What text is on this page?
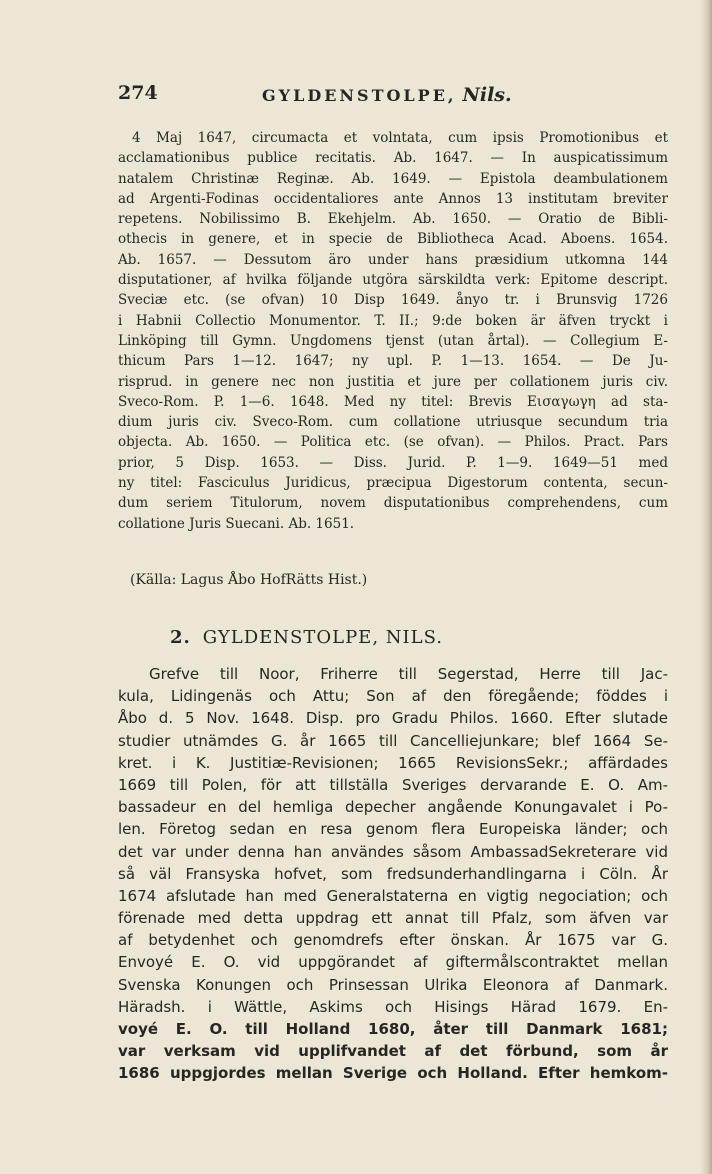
274	GYLDENSTOLPE, Nils.
4 Maj 1647, circumacta et volntata, cum ipsis Promotionibus et
acclamationibus publice recitatis. Ab. 1647. — In auspicatissimum
natalem Christinæ Reginæ. Ab. 1649. — Epistola deambulationem
ad Argenti-Fodinas occidentaliores ante Annos 13 institutam breviter
repetens. Nobilissimo B. Ekehjelm. Ab. 1650. — Oratio de Bibli-
othecis in genere, et in specie de Bibliotheca Acad. Aboens. 1654.
Ab. 1657. — Dessutom äro under hans præsidium utkomna 144
disputationer, af hvilka följande utgöra särskildta verk: Epitome descript.
Sveciæ etc. (se ofvan) 10 Disp 1649. ånyo tr. i Brunsvig 1726
i Habnii Collectio Monumentor. T. II.; 9:de boken är äfven tryckt i
Linköping till Gymn. Ungdomens tjenst (utan årtal). — Collegium E-
thicum Pars 1—12. 1647; ny upl. P. 1—13. 1654. — De Ju-
risprud. in genere nec non justitia et jure per collationem juris civ.
Sveco-Rom. P. 1—6. 1648. Med ny titel: Brevis Εισαγωγη ad sta-
dium juris civ. Sveco-Rom. cum collatione utriusque secundum tria
objecta. Ab. 1650. — Politica etc. (se ofvan). — Philos. Pract. Pars
prior, 5 Disp. 1653. — Diss. Jurid. P. 1—9. 1649—51 med
ny titel: Fasciculus Juridicus, præcipua Digestorum contenta, secun-
dum seriem Titulorum, novem disputationibus comprehendens, cum
collatione Juris Suecani. Ab. 1651.
(Källa: Lagus Åbo HofRätts Hist.)
2. GYLDENSTOLPE, NILS.
Grefve till Noor, Friherre till Segerstad, Herre till Jac-
kula, Lidingenäs och Attu; Son af den föregående; föddes i
Åbo d. 5 Nov. 1648. Disp. pro Gradu Philos. 1660. Efter slutade
studier utnämdes G. år 1665 till Cancelliejunkare; blef 1664 Se-
kret. i K. Justitiæ-Revisionen; 1665 RevisionsSekr.; affärdades
1669 till Polen, för att tillställa Sveriges dervarande E. O. Am-
bassadeur en del hemliga depecher angående Konungavalet i Po-
len. Företog sedan en resa genom flera Europeiska länder; och
det var under denna han användes såsom AmbassadSekreterare vid
så väl Fransyska hofvet, som fredsunderhandlingarna i Cöln. År
1674 afslutade han med Generalstaterna en vigtig negociation; och
förenade med detta uppdrag ett annat till Pfalz, som äfven var
af betydenhet och genomdrefs efter önskan. År 1675 var G.
Envoyé E. O. vid uppgörandet af giftermålscontraktet mellan
Svenska Konungen och Prinsessan Ulrika Eleonora af Danmark.
Häradsh. i Wättle, Askims och Hisings Härad 1679. En-
voyé E. O. till Holland 1680, åter till Danmark 1681;
var verksam vid upplifvandet af det förbund, som år
1686 uppgjordes mellan Sverige och Holland. Efter hemkom-
